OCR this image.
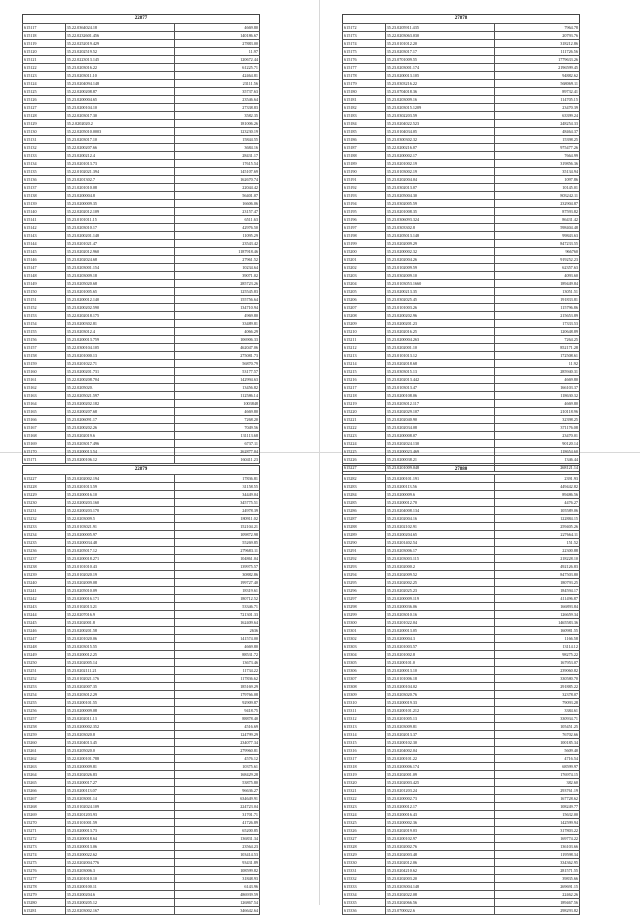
22877
615117	35.22.0364024.18	4669.80
615118	35.22.0232601.456	140186.67
615119	35.22.0252019.429	27883.00
615120	35.23.0202519.52	11.97
615121	35.22.0223013.145	120672.44
615122	35.23.0203016.22	61225.71
615123	35.23.0203011.10	42464.81
615124	35.23.0204094.148	23111.56
615125	35.22.0200208.87	35737.63
615126	35.23.0200004.65	23546.64
615127	35.23.0200104.10	27338.83
615128	35.22.0203017.30	3582.35
615129	35.2.0202020.2	181006.26
615130	35.22.0205010.0003	123230.19
615131	35.23.0203017.10	15844.55
615132	35.22.0200207.66	3684.16
615133	35.23.0200212.4	28431.17
615134	35.23.0201013.73	17615.54
615135	35.22.0102021.394	145107.69
615136	35.23.0201302.7	162670.74
615137	35.21.0201010.08	22044.42
615138	35.23.0200004.8	56401.07
615139	35.23.0200009.35	16606.06
615140	35.22.0202012.109	23157.47
615141	35.23.0101011.15	6511.63
615142	35.23.0203010.17	42976.50
615143	35.23.0200201.148	11095.29
615144	35.23.0201021.47	23543.42
615145	35.23.0202012.960	1187918.46
615146	35.23.0202024.68	27961.52
615147	35.23.0203001.154	10234.64
615148	35.23.0203009.18	39071.02
615149	35.23.0205020.68	285723.26
615150	35.23.0201005.65	125545.83
615151	35.23.0200012.140	155756.64
615152	35.23.0200202.590	134710.94
615153	35.22.0202018.175	4969.80
615154	35.23.0200302.81	33489.81
615155	35.23.0203012.4	4066.29
615156	35.23.0200013.759	106906.33
615157	35.22.0300104.105	462047.06
615158	35.23.0201000.13	275081.73
615159	35.23.0201022.71	56870.79
615160	35.23.0200201.731	53177.57
615161	35.22.0200208.704	142994.63
615162	35.22.0205020.	13456.82
615163	35.22.0205021.597	112586.14
615164	35.23.0200202.182	1003848
615165	35.22.0200207.68	4669.80
615166	35.23.0206091.17	7268.20
615167	35.23.0200202.26	7049.56
615168	35.23.0202019.6	131113.68
615169	35.23.0203017.496	6737.11
615170	35.23.0200013.54	262877.04
615171	35.23.0200106.12	160411.23
27878
615172	35.23.0205911.435	7964.78
615173	35.22.0203063.030	20793.76
615174	35.23.0101012.20	318212.86
615175	35.23.0203017.17	111726.56
615176	35.23.0701009.55	1779633.26
615177	35.23.0203001.174	2196599.45
615178	35.23.0200013.105	94882.62
615179	35.23.0303216.22	568069.11
615180	35.23.0704018.36	89732.41
615181	35.23.0203009.16	114705.15
615182	35.23.0203015.1209	23470.39
615183	35.23.0302203.59	63399.24
615184	35.23.0204022.523	248254.33
615185	35.23.0104034.05	48464.37
615186	35.23.0300302.32	15398.25
615187	35.22.0200216.07	975477.26
615188	35.23.0200002.17	7664.99
615189	35.23.0201002.19	319856.36
615190	35.23.0103002.19	35134.94
615191	35.23.0202004.04	1097.86
615192	35.23.0302013.07	10145.01
615193	35.23.0205004.30	803242.11
615194	35.23.0302005.59	232904.87
615195	35.23.0201008.35	87593.82
615196	35.23.0306093.324	86431.42
615197	35.23.0303302.8	598404.48
615198	35.23.0205013.148	99843.63
615199	35.23.0202009.29	847233.55
615200	35.23.0200002.32	966760
615201	35.23.0202004.26	919252.23
615202	35.23.0102009.59	62357.63
615203	35.23.0302009.10	4093.60
615204	35.23.0103053.1660	189449.84
615205	35.23.0200213.35	13051.51
615206	35.23.0302025.45	191833.81
615207	35.23.0101003.26	115796.86
615208	35.23.0200202.96	215653.89
615209	35.23.0200201.23	17333.53
615210	35.23.0202016.25	120648.89
615211	35.23.0200004.263	7264.25
615212	35.23.0202001.10	852171.28
615213	35.23.0101013.12	172508.61
615214	35.23.0202018.68	11.92
615215	35.23.0303015.13	285940.31
615216	35.23.0202013.442	4669.80
615217	35.23.0103013.47	166103.37
615218	35.23.0200108.06	118630.32
615219	35.23.0203012.117	4669.80
615220	35.23.0202029.107	210118.96
615221	35.23.0202040.90	32398.25
615222	35.23.0202034.08	371176.08
615223	35.23.0200008.07	23470.01
615224	35.23.0202024.130	90120.14
615225	35.23.0200023.469	118654.60
615226	35.23.0200038.21	1346.44
615227	35.23.0201009.048	268121.14
22879
615227	35.23.0202002.194	17836.81
615228	35.23.0201013.59	31158.55
615229	35.23.0200016.10	34449.04
615230	35.22.0200203.160	345775.51
615231	35.22.0200203.170	24978.39
615232	35.22.0203009.5	180911.02
615233	35.23.0103021.91	152104.21
615234	35.23.0200005.97	109872.98
615235	35.23.0200034.48	55269.85
615236	35.23.0205017.12	279683.11
615237	35.23.0200018.271	104861.04
615238	35.23.0101010.43	139975.57
615239	35.23.0102020.19	30882.86
615240	35.23.0202009.08	199727.40
615241	35.23.0205010.09	18319.61
615242	35.23.0200016.171	180712.52
615243	35.23.0102013.21	53346.71
615244	35.22.0207016.9	721301.33
615245	35.23.0202001.8	162409.64
615246	35.23.0200201.58	2636
615247	35.23.0201020.06	141574.00
615248	35.23.0203015.55	4669.80
615249	35.23.0200012.25	88531.72
615250	35.23.0202005.14	13673.46
615251	35.23.0202111.21	11734.22
615252	35.23.0102021.176	117836.62
615253	35.23.0202007.35	185169.29
615254	35.23.0203012.29	179766.08
615255	35.23.0200101.55	92909.87
615256	35.23.0200009.08	9418.75
615257	35.23.0202011.13	88878.40
615258	35.23.0200002.352	4516.69
615259	35.23.0203020.8	124799.29
615260	35.23.0204013.45	234077.34
615261	35.23.0205020.0	279960.81
615262	35.22.0200101.788	4576.12
615263	35.23.0200009.81	10375.61
615264	35.23.0202026.83	168429.28
615265	35.23.0200017.27	53875.80
615266	35.23.0200113.07	96636.27
615267	35.23.0203001.14	634649.91
615268	35.23.0102024.109	224723.04
615269	35.23.0201203.93	31701.71
615270	35.23.0101001.59	41726.89
615271	35.23.0200013.73	65200.85
615272	35.23.0200018.64	136831.34
615273	35.23.0200013.06	23564.23
615274	35.23.0200022.62	103414.53
615275	35.22.0202004.776	93431.89
615276	35.23.0203006.3	108599.82
615277	35.23.0201010.10	31848.93
615278	35.23.0200100.11	6143.96
615279	35.23.0200204.6	486939.59
615280	35.23.0200205.12	126867.54
615281	35.22.0203002.167	346642.64
27880
615282	35.23.0200101.191	2391.93
615283	35.23.0200113.56	449442.82
615284	35.23.0200009.6	89486.56
615285	35.23.0200012.70	4476.27
615286	35.23.0204008.134	105589.06
615287	35.23.0202004.16	122884.15
615288	35.23.0202102.91	259405.26
615289	35.23.0200204.65	227664.11
615290	35.23.0201402.54	151.52
615291	35.23.0203006.17	22300.88
615292	35.23.0203003.115	218228.10
615293	35.23.0202000.2	492126.83
615294	35.23.0202009.52	847503.80
615295	35.23.0202002.25	180793.25
615296	35.23.0202025.23	184594.17
615297	35.23.0200009.119	411496.87
615298	35.23.0200036.06	166893.84
615299	35.23.0203010.16	126659.34
615300	35.23.0201022.04	1465583.36
615301	35.23.0200013.05	160981.55
615302	35.23.0200004.3	1166.58
615303	35.23.0201003.57	13114.12
615304	35.23.0201002.8	98275.22
615305	35.23.0200101.0	167953.07
615306	35.23.0200013.10	239060.82
615307	35.23.0101006.18	330580.70
615308	35.23.0200104.02	291885.22
615309	35.23.0203020.76	32378.07
615310	35.23.0200019.33	79093.28
615311	35.23.0200101.212	3384.61
615312	35.23.0201005.13	330934.71
615313	35.23.0203009.81	105451.25
615314	35.23.0202013.37	76702.66
615315	35.23.0200102.30	100185.34
615316	35.23.0204002.04	5609.40
615317	35.23.0200101.22	4716.54
615318	35.23.0200006.174	68599.97
615319	35.23.0202001.09	176974.15
615320	35.23.0202003.425	382.60
615321	35.23.0201203.24	293761.19
615322	35.23.0200002.73	167728.62
615323	35.23.0200012.17	108249.77
615324	35.23.0200016.43	15632.00
615325	35.23.0200002.36	142599.94
615326	35.23.0202019.03	317803.22
615327	35.23.0200102.97	169774.22
615328	35.23.0202002.76	136103.66
615329	35.23.0202003.48	119598.34
615330	35.23.0202012.06	334362.95
615331	35.23.0204210.62	281571.55
615332	35.23.0202003.20	39835.66
615333	35.23.0203004.148	269691.15
615334	35.23.0202022.08	22462.26
615335	35.23.0202066.56	189467.56
615336	35.23.0700022.6	298293.82
